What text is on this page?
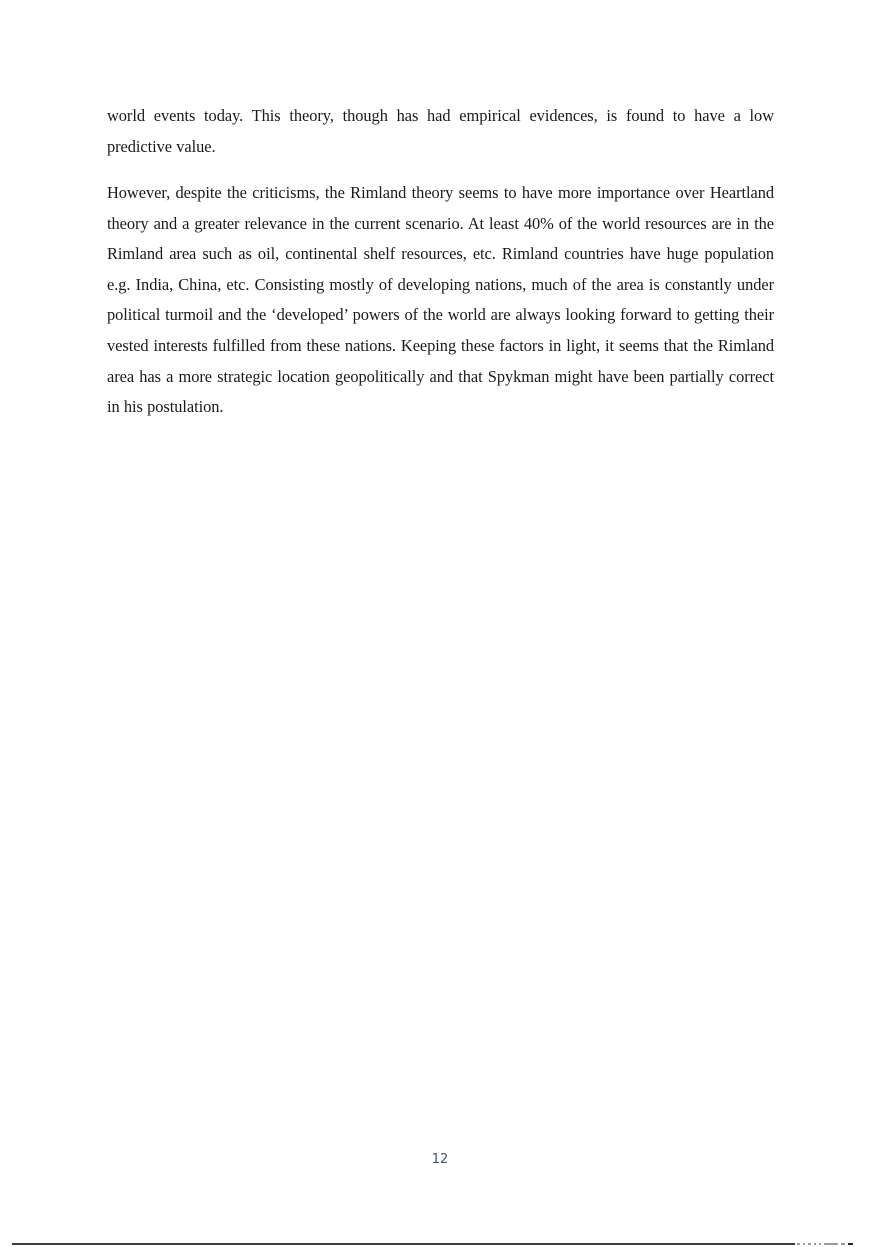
world events today. This theory, though has had empirical evidences, is found to have a low predictive value.

However, despite the criticisms, the Rimland theory seems to have more importance over Heartland theory and a greater relevance in the current scenario. At least 40% of the world resources are in the Rimland area such as oil, continental shelf resources, etc. Rimland countries have huge population e.g. India, China, etc. Consisting mostly of developing nations, much of the area is constantly under political turmoil and the ‘developed’ powers of the world are always looking forward to getting their vested interests fulfilled from these nations. Keeping these factors in light, it seems that the Rimland area has a more strategic location geopolitically and that Spykman might have been partially correct in his postulation.

12
